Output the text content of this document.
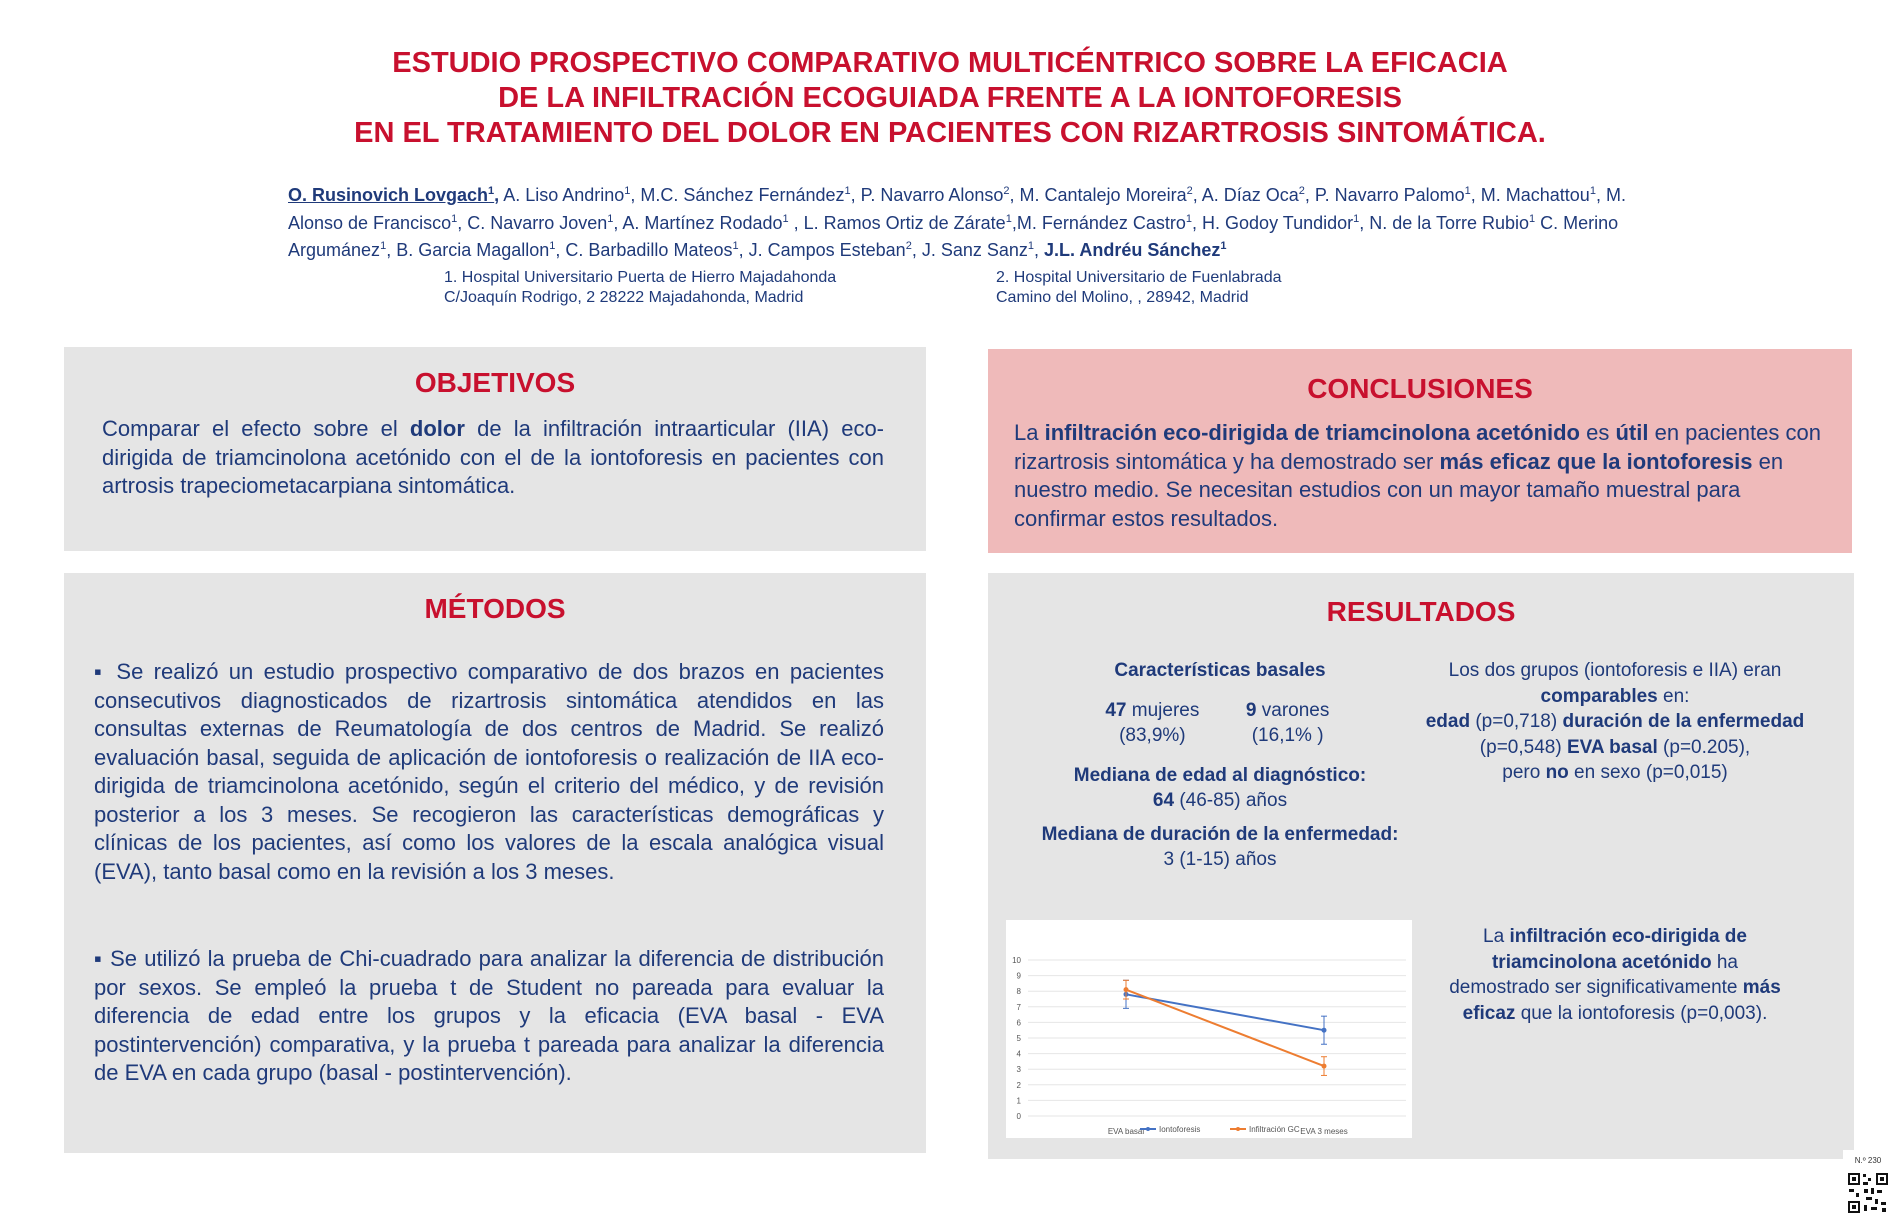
ESTUDIO PROSPECTIVO COMPARATIVO MULTICÉNTRICO SOBRE LA EFICACIA
DE LA INFILTRACIÓN ECOGUIADA FRENTE A LA IONTOFORESIS
EN EL TRATAMIENTO DEL DOLOR EN PACIENTES CON RIZARTROSIS SINTOMÁTICA.
O. Rusinovich Lovgach$^1$, A. Liso Andrino$^1$, M.C. Sánchez Fernández$^1$, P. Navarro Alonso$^2$, M. Cantalejo Moreira$^2$, A. Díaz Oca$^2$, P. Navarro Palomo$^1$, M. Machattou$^1$, M. Alonso de Francisco$^1$, C. Navarro Joven$^1$, A. Martínez Rodado$^1$ , L. Ramos Ortiz de Zárate$^1$,M. Fernández Castro$^1$, H. Godoy Tundidor$^1$, N. de la Torre Rubio$^1$ C. Merino Argumánez$^1$, B. Garcia Magallon$^1$, C. Barbadillo Mateos$^1$, J. Campos Esteban$^2$, J. Sanz Sanz$^1$, J.L. Andréu Sánchez$^1$
1. Hospital Universitario Puerta de Hierro Majadahonda
C/Joaquín Rodrigo, 2 28222 Majadahonda, Madrid
2. Hospital Universitario de Fuenlabrada
Camino del Molino, , 28942, Madrid
OBJETIVOS
Comparar el efecto sobre el dolor de la infiltración intraarticular (IIA) eco-dirigida de triamcinolona acetónido con el de la iontoforesis en pacientes con artrosis trapeciometacarpiana sintomática.
CONCLUSIONES
La infiltración eco-dirigida de triamcinolona acetónido es útil en pacientes con rizartrosis sintomática y ha demostrado ser más eficaz que la iontoforesis en nuestro medio. Se necesitan estudios con un mayor tamaño muestral para confirmar estos resultados.
MÉTODOS
▪ Se realizó un estudio prospectivo comparativo de dos brazos en pacientes consecutivos diagnosticados de rizartrosis sintomática atendidos en las consultas externas de Reumatología de dos centros de Madrid. Se realizó evaluación basal, seguida de aplicación de iontoforesis o realización de IIA eco-dirigida de triamcinolona acetónido, según el criterio del médico, y de revisión posterior a los 3 meses. Se recogieron las características demográficas y clínicas de los pacientes, así como los valores de la escala analógica visual (EVA), tanto basal como en la revisión a los 3 meses.
▪ Se utilizó la prueba de Chi-cuadrado para analizar la diferencia de distribución por sexos. Se empleó la prueba t de Student no pareada para evaluar la diferencia de edad entre los grupos y la eficacia (EVA basal - EVA postintervención) comparativa, y la prueba t pareada para analizar la diferencia de EVA en cada grupo (basal - postintervención).
RESULTADOS
Características basales
47 mujeres
(83,9%) 9 varones
(16,1% )
Mediana de edad al diagnóstico:
64 (46-85) años
Mediana de duración de la enfermedad:
3 (1-15) años
Los dos grupos (iontoforesis e IIA) eran
comparables en:
edad (p=0,718) duración de la enfermedad
(p=0,548) EVA basal (p=0.205),
pero no en sexo (p=0,015)
La infiltración eco-dirigida de triamcinolona acetónido ha demostrado ser significativamente más eficaz que la iontoforesis (p=0,003).
0
1
2
3
4
5
6
7
8
9
10
EVA basal	EVA 3 meses
Iontoforesis	Infiltración GC
N.º 230
